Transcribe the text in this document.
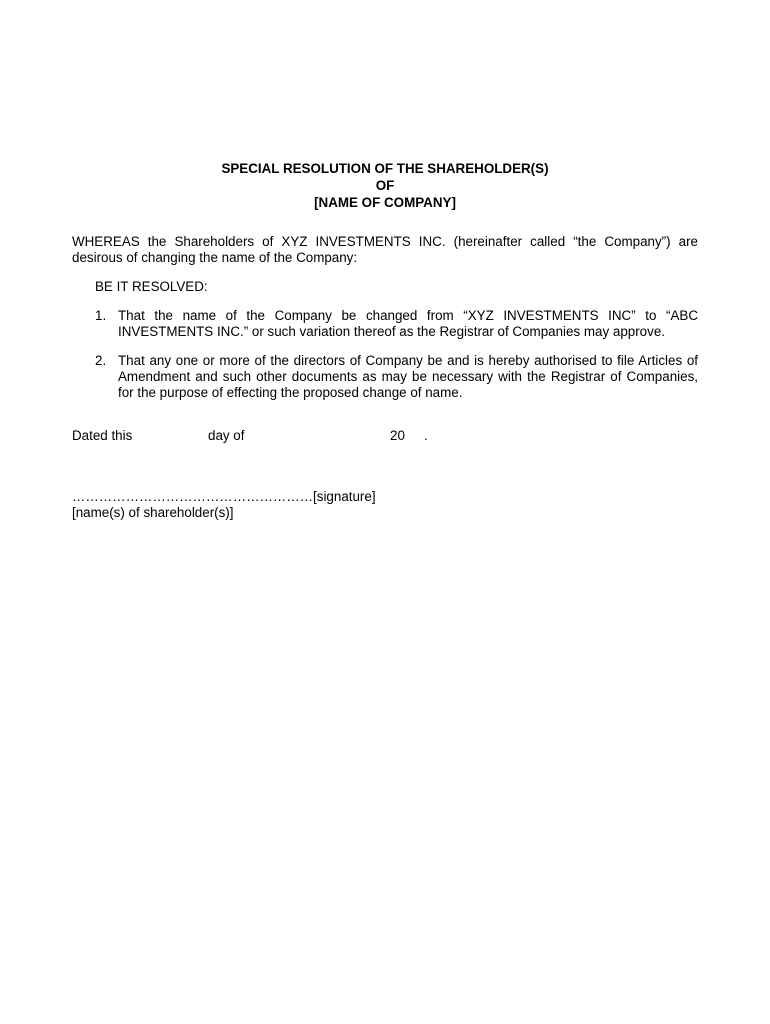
SPECIAL RESOLUTION OF THE SHAREHOLDER(S)
OF
[NAME OF COMPANY]

WHEREAS the Shareholders of XYZ INVESTMENTS INC. (hereinafter called “the Company”) are desirous of changing the name of the Company:

BE IT RESOLVED:
1. That the name of the Company be changed from “XYZ INVESTMENTS INC” to “ABC INVESTMENTS INC.” or such variation thereof as the Registrar of Companies may approve.
2. That any one or more of the directors of Company be and is hereby authorised to file Articles of Amendment and such other documents as may be necessary with the Registrar of Companies, for the purpose of effecting the proposed change of name.
Dated this	day of	20 .
………………………………………………[signature]
[name(s) of shareholder(s)]
